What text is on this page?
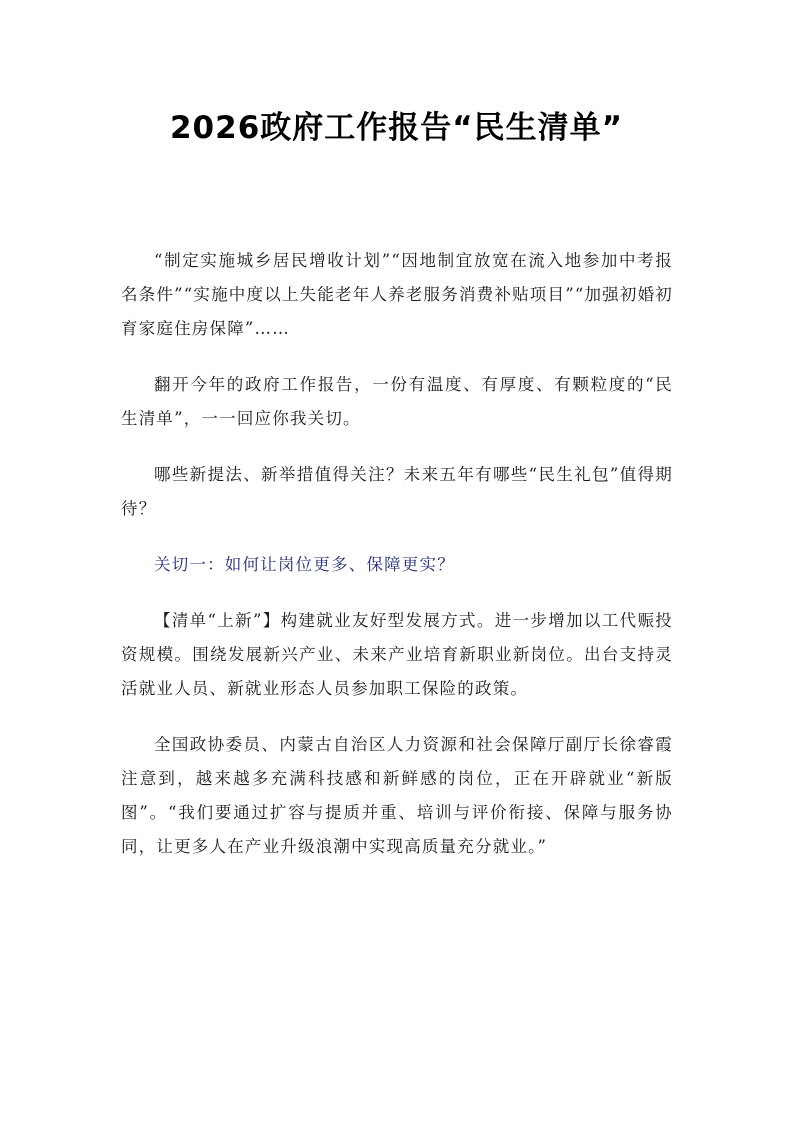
2026政府工作报告“民生清单”

“制定实施城乡居民增收计划”“因地制宜放宽在流入地参加中考报名条件”“实施中度以上失能老年人养老服务消费补贴项目”“加强初婚初育家庭住房保障”……

翻开今年的政府工作报告，一份有温度、有厚度、有颗粒度的“民生清单”，一一回应你我关切。

哪些新提法、新举措值得关注？未来五年有哪些“民生礼包”值得期待？

关切一：如何让岗位更多、保障更实？

【清单“上新”】构建就业友好型发展方式。进一步增加以工代赈投资规模。围绕发展新兴产业、未来产业培育新职业新岗位。出台支持灵活就业人员、新就业形态人员参加职工保险的政策。

全国政协委员、内蒙古自治区人力资源和社会保障厅副厅长徐睿霞注意到，越来越多充满科技感和新鲜感的岗位，正在开辟就业“新版图”。“我们要通过扩容与提质并重、培训与评价衔接、保障与服务协同，让更多人在产业升级浪潮中实现高质量充分就业。”
